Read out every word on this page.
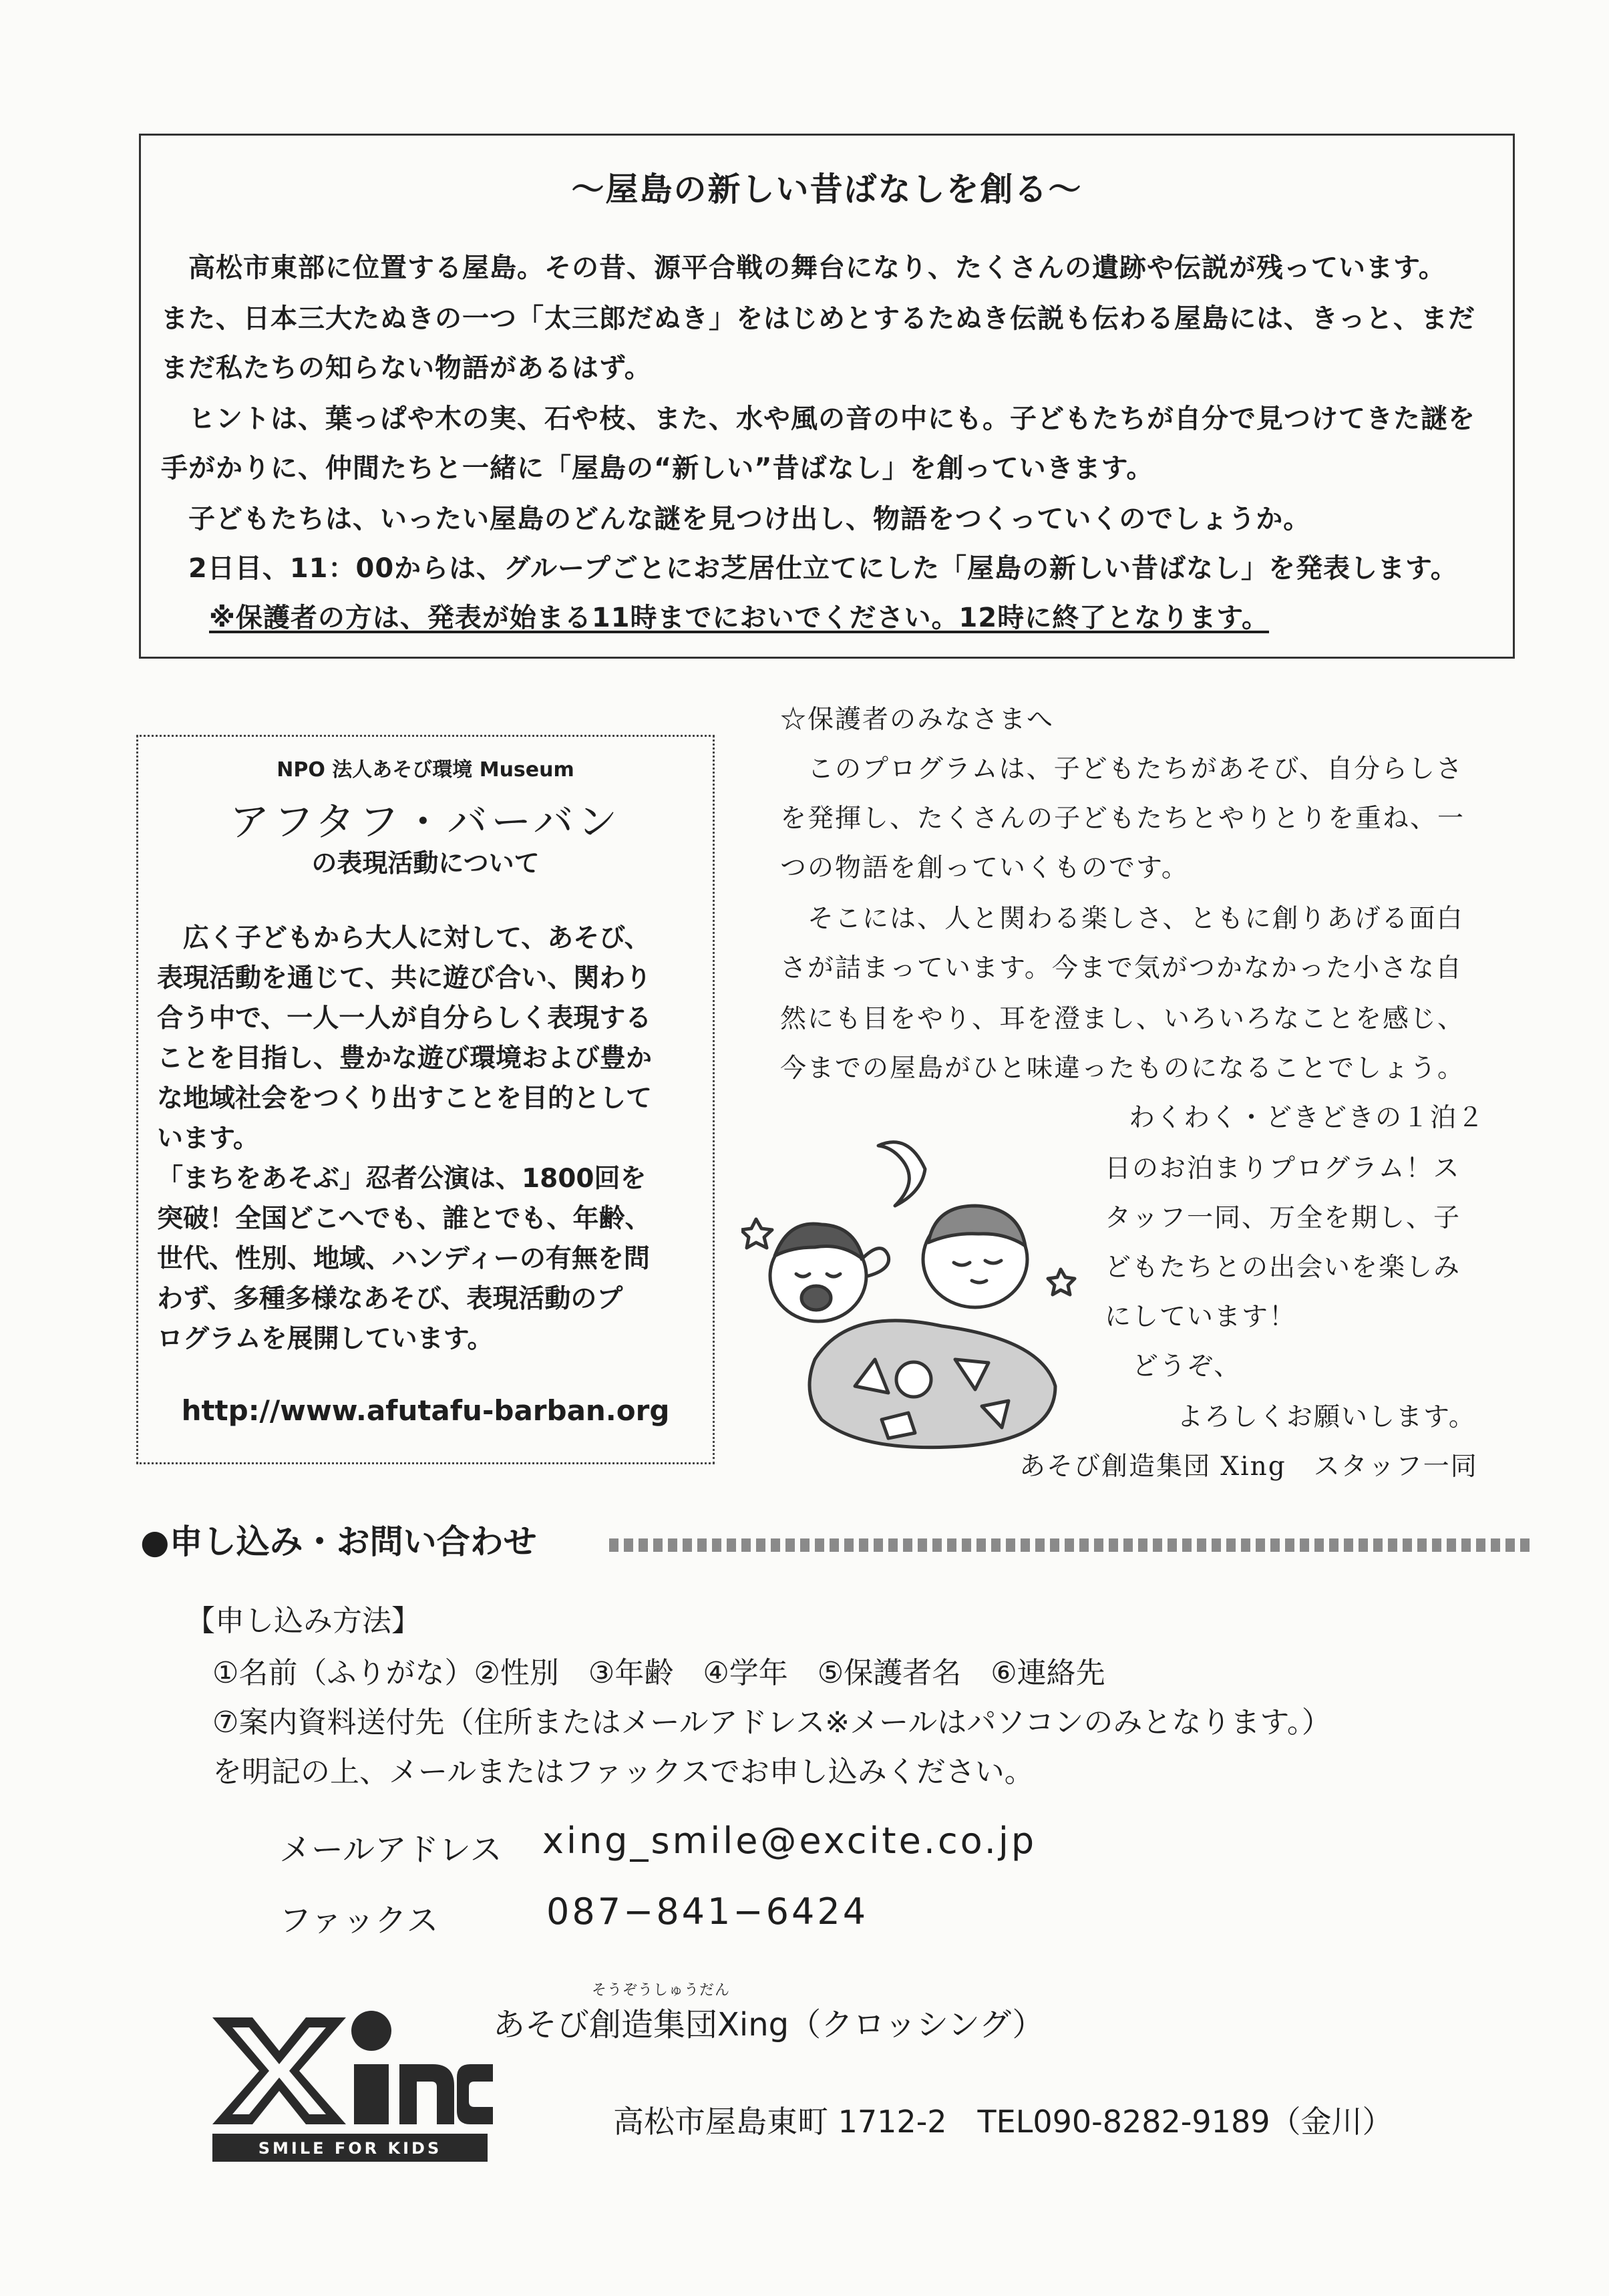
～屋島の新しい昔ばなしを創る～
　高松市東部に位置する屋島。その昔、源平合戦の舞台になり、たくさんの遺跡や伝説が残っています。
また、日本三大たぬきの一つ「太三郎だぬき」をはじめとするたぬき伝説も伝わる屋島には、きっと、まだ
まだ私たちの知らない物語があるはず。
　ヒントは、葉っぱや木の実、石や枝、また、水や風の音の中にも。子どもたちが自分で見つけてきた謎を
手がかりに、仲間たちと一緒に「屋島の“新しい”昔ばなし」を創っていきます。
　子どもたちは、いったい屋島のどんな謎を見つけ出し、物語をつくっていくのでしょうか。
　2日目、11：00からは、グループごとにお芝居仕立てにした「屋島の新しい昔ばなし」を発表します。
※保護者の方は、発表が始まる11時までにおいでください。12時に終了となります。
NPO 法人あそび環境 Museum
アフタフ・バーバン
の表現活動について
　広く子どもから大人に対して、あそび、
表現活動を通じて、共に遊び合い、関わり
合う中で、一人一人が自分らしく表現する
ことを目指し、豊かな遊び環境および豊か
な地域社会をつくり出すことを目的として
います。
「まちをあそぶ」忍者公演は、1800回を
突破！全国どこへでも、誰とでも、年齢、
世代、性別、地域、ハンディーの有無を問
わず、多種多様なあそび、表現活動のプ
ログラムを展開しています。
http://www.afutafu-barban.org
☆保護者のみなさまへ
　このプログラムは、子どもたちがあそび、自分らしさ
を発揮し、たくさんの子どもたちとやりとりを重ね、一
つの物語を創っていくものです。
　そこには、人と関わる楽しさ、ともに創りあげる面白
さが詰まっています。今まで気がつかなかった小さな自
然にも目をやり、耳を澄まし、いろいろなことを感じ、
今までの屋島がひと味違ったものになることでしょう。
わくわく・どきどきの１泊２
日のお泊まりプログラム！ス
タッフ一同、万全を期し、子
どもたちとの出会いを楽しみ
にしています！
　どうぞ、
　　よろしくお願いします。
あそび創造集団 Xing　スタッフ一同
●申し込み・お問い合わせ
【申し込み方法】
①名前（ふりがな）②性別　③年齢　④学年　⑤保護者名　⑥連絡先
⑦案内資料送付先（住所またはメールアドレス※メールはパソコンのみとなります。）
を明記の上、メールまたはファックスでお申し込みください。
メールアドレス xing_smile@excite.co.jp
ファックス	087−841−6424
SMILE FOR KIDS
そうぞうしゅうだん
あそび創造集団Xing（クロッシング）
高松市屋島東町 1712-2　TEL090-8282-9189（金川）
